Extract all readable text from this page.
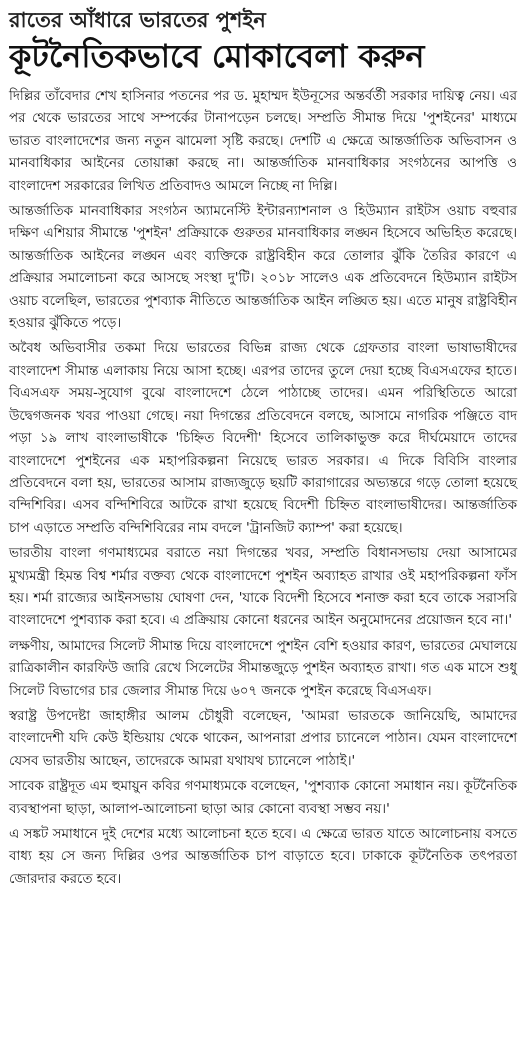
রাতের আঁধারে ভারতের পুশইন
কূটনৈতিকভাবে মোকাবেলা করুন

দিল্লির তাঁবেদার শেখ হাসিনার পতনের পর ড. মুহাম্মদ ইউনূসের অন্তর্বর্তী সরকার দায়িত্ব নেয়। এর পর থেকে ভারতের সাথে সম্পর্কের টানাপড়েন চলছে। সম্প্রতি সীমান্ত দিয়ে 'পুশইনের' মাধ্যমে ভারত বাংলাদেশের জন্য নতুন ঝামেলা সৃষ্টি করছে। দেশটি এ ক্ষেত্রে আন্তর্জাতিক অভিবাসন ও মানবাধিকার আইনের তোয়াক্কা করছে না। আন্তর্জাতিক মানবাধিকার সংগঠনের আপত্তি ও বাংলাদেশ সরকারের লিখিত প্রতিবাদও আমলে নিচ্ছে না দিল্লি।

আন্তর্জাতিক মানবাধিকার সংগঠন অ্যামনেস্টি ইন্টারন্যাশনাল ও হিউম্যান রাইটস ওয়াচ বহুবার দক্ষিণ এশিয়ার সীমান্তে 'পুশইন' প্রক্রিয়াকে গুরুতর মানবাধিকার লঙ্ঘন হিসেবে অভিহিত করেছে। আন্তর্জাতিক আইনের লঙ্ঘন এবং ব্যক্তিকে রাষ্ট্রবিহীন করে তোলার ঝুঁকি তৈরির কারণে এ প্রক্রিয়ার সমালোচনা করে আসছে সংস্থা দু'টি। ২০১৮ সালেও এক প্রতিবেদনে হিউম্যান রাইটস ওয়াচ বলেছিল, ভারতের পুশব্যাক নীতিতে আন্তর্জাতিক আইন লঙ্ঘিত হয়। এতে মানুষ রাষ্ট্রবিহীন হওয়ার ঝুঁকিতে পড়ে।

অবৈধ অভিবাসীর তকমা দিয়ে ভারতের বিভিন্ন রাজ্য থেকে গ্রেফতার বাংলা ভাষাভাষীদের বাংলাদেশ সীমান্ত এলাকায় নিয়ে আসা হচ্ছে। এরপর তাদের তুলে দেয়া হচ্ছে বিএসএফের হাতে। বিএসএফ সময়-সুযোগ বুঝে বাংলাদেশে ঠেলে পাঠাচ্ছে তাদের। এমন পরিস্থিতিতে আরো উদ্বেগজনক খবর পাওয়া গেছে। নয়া দিগন্তের প্রতিবেদনে বলছে, আসামে নাগরিক পঞ্জিতে বাদ পড়া ১৯ লাখ বাংলাভাষীকে 'চিহ্নিত বিদেশী' হিসেবে তালিকাভুক্ত করে দীর্ঘমেয়াদে তাদের বাংলাদেশে পুশইনের এক মহাপরিকল্পনা নিয়েছে ভারত সরকার। এ দিকে বিবিসি বাংলার প্রতিবেদনে বলা হয়, ভারতের আসাম রাজ্যজুড়ে ছয়টি কারাগারের অভ্যন্তরে গড়ে তোলা হয়েছে বন্দিশিবির। এসব বন্দিশিবিরে আটকে রাখা হয়েছে বিদেশী চিহ্নিত বাংলাভাষীদের। আন্তর্জাতিক চাপ এড়াতে সম্প্রতি বন্দিশিবিরের নাম বদলে 'ট্রানজিট ক্যাম্প' করা হয়েছে।

ভারতীয় বাংলা গণমাধ্যমের বরাতে নয়া দিগন্তের খবর, সম্প্রতি বিধানসভায় দেয়া আসামের মুখ্যমন্ত্রী হিমন্ত বিশ্ব শর্মার বক্তব্য থেকে বাংলাদেশে পুশইন অব্যাহত রাখার ওই মহাপরিকল্পনা ফাঁস হয়। শর্মা রাজ্যের আইনসভায় ঘোষণা দেন, 'যাকে বিদেশী হিসেবে শনাক্ত করা হবে তাকে সরাসরি বাংলাদেশে পুশব্যাক করা হবে। এ প্রক্রিয়ায় কোনো ধরনের আইন অনুমোদনের প্রয়োজন হবে না।'

লক্ষণীয়, আমাদের সিলেট সীমান্ত দিয়ে বাংলাদেশে পুশইন বেশি হওয়ার কারণ, ভারতের মেঘালয়ে রাত্রিকালীন কারফিউ জারি রেখে সিলেটের সীমান্তজুড়ে পুশইন অব্যাহত রাখা। গত এক মাসে শুধু সিলেট বিভাগের চার জেলার সীমান্ত দিয়ে ৬০৭ জনকে পুশইন করেছে বিএসএফ।

স্বরাষ্ট্র উপদেষ্টা জাহাঙ্গীর আলম চৌধুরী বলেছেন, 'আমরা ভারতকে জানিয়েছি, আমাদের বাংলাদেশী যদি কেউ ইন্ডিয়ায় থেকে থাকেন, আপনারা প্রপার চ্যানেলে পাঠান। যেমন বাংলাদেশে যেসব ভারতীয় আছেন, তাদেরকে আমরা যথাযথ চ্যানেলে পাঠাই।'

সাবেক রাষ্ট্রদূত এম হুমায়ুন কবির গণমাধ্যমকে বলেছেন, 'পুশব্যাক কোনো সমাধান নয়। কূটনৈতিক ব্যবস্থাপনা ছাড়া, আলাপ-আলোচনা ছাড়া আর কোনো ব্যবস্থা সম্ভব নয়।'

এ সঙ্কট সমাধানে দুই দেশের মধ্যে আলোচনা হতে হবে। এ ক্ষেত্রে ভারত যাতে আলোচনায় বসতে বাধ্য হয় সে জন্য দিল্লির ওপর আন্তর্জাতিক চাপ বাড়াতে হবে। ঢাকাকে কূটনৈতিক তৎপরতা জোরদার করতে হবে।
